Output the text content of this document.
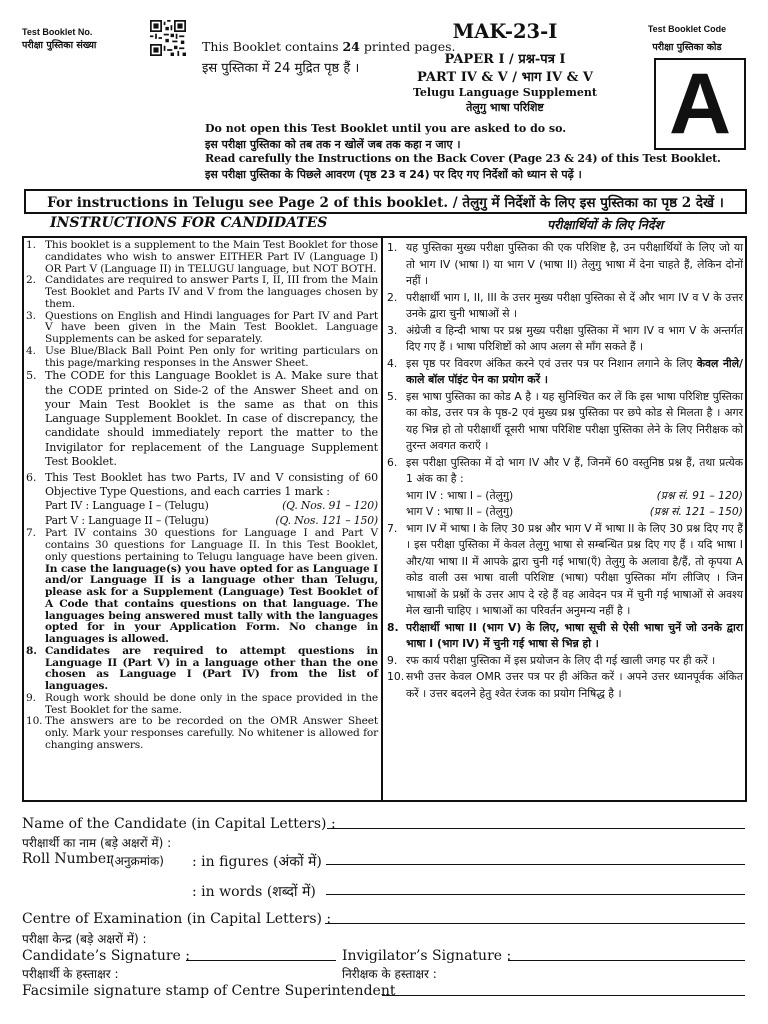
Test Booklet No.
परीक्षा पुस्तिका संख्या	This Booklet contains 24 printed pages.
इस पुस्तिका में 24 मुद्रित पृष्ठ हैं ।
MAK-23-I
PAPER I / प्रश्न-पत्र I
PART IV & V / भाग IV & V
Telugu Language Supplement
तेलुगु भाषा परिशिष्ट
Test Booklet Code
परीक्षा पुस्तिका कोड
A
Do not open this Test Booklet until you are asked to do so.
इस परीक्षा पुस्तिका को तब तक न खोलें जब तक कहा न जाए ।
Read carefully the Instructions on the Back Cover (Page 23 & 24) of this Test Booklet.
इस परीक्षा पुस्तिका के पिछले आवरण (पृष्ठ 23 व 24) पर दिए गए निर्देशों को ध्यान से पढ़ें ।
For instructions in Telugu see Page 2 of this booklet. / तेलुगु में निर्देशों के लिए इस पुस्तिका का पृष्ठ 2 देखें ।
INSTRUCTIONS FOR CANDIDATES	परीक्षार्थियों के लिए निर्देश
1. This booklet is a supplement to the Main Test Booklet for those candidates who wish to answer EITHER Part IV (Language I) OR Part V (Language II) in TELUGU language, but NOT BOTH.
2. Candidates are required to answer Parts I, II, III from the Main Test Booklet and Parts IV and V from the languages chosen by them.
3. Questions on English and Hindi languages for Part IV and Part V have been given in the Main Test Booklet. Language Supplements can be asked for separately.
4. Use Blue/Black Ball Point Pen only for writing particulars on this page/marking responses in the Answer Sheet.
5. The CODE for this Language Booklet is A. Make sure that the CODE printed on Side-2 of the Answer Sheet and on your Main Test Booklet is the same as that on this Language Supplement Booklet. In case of discrepancy, the candidate should immediately report the matter to the Invigilator for replacement of the Language Supplement Test Booklet.
6. This Test Booklet has two Parts, IV and V consisting of 60 Objective Type Questions, and each carries 1 mark :
Part IV : Language I – (Telugu)	(Q. Nos. 91 – 120)
Part V : Language II – (Telugu)	(Q. Nos. 121 – 150)
7. Part IV contains 30 questions for Language I and Part V contains 30 questions for Language II. In this Test Booklet, only questions pertaining to Telugu language have been given. In case the language(s) you have opted for as Language I and/or Language II is a language other than Telugu, please ask for a Supplement (Language) Test Booklet of A Code that contains questions on that language. The languages being answered must tally with the languages opted for in your Application Form. No change in languages is allowed.
8. Candidates are required to attempt questions in Language II (Part V) in a language other than the one chosen as Language I (Part IV) from the list of languages.
9. Rough work should be done only in the space provided in the Test Booklet for the same.
10. The answers are to be recorded on the OMR Answer Sheet only. Mark your responses carefully. No whitener is allowed for changing answers.
1. यह पुस्तिका मुख्य परीक्षा पुस्तिका की एक परिशिष्ट है, उन परीक्षार्थियों के लिए जो या तो भाग IV (भाषा I) या भाग V (भाषा II) तेलुगु भाषा में देना चाहते हैं, लेकिन दोनों नहीं ।
2. परीक्षार्थी भाग I, II, III के उत्तर मुख्य परीक्षा पुस्तिका से दें और भाग IV व V के उत्तर उनके द्वारा चुनी भाषाओं से ।
3. अंग्रेजी व हिन्दी भाषा पर प्रश्न मुख्य परीक्षा पुस्तिका में भाग IV व भाग V के अन्तर्गत दिए गए हैं । भाषा परिशिष्टों को आप अलग से माँग सकते हैं ।
4. इस पृष्ठ पर विवरण अंकित करने एवं उत्तर पत्र पर निशान लगाने के लिए केवल नीले/काले बॉल पॉइंट पेन का प्रयोग करें ।
5. इस भाषा पुस्तिका का कोड A है । यह सुनिश्चित कर लें कि इस भाषा परिशिष्ट पुस्तिका का कोड, उत्तर पत्र के पृष्ठ-2 एवं मुख्य प्रश्न पुस्तिका पर छपे कोड से मिलता है । अगर यह भिन्न हो तो परीक्षार्थी दूसरी भाषा परिशिष्ट परीक्षा पुस्तिका लेने के लिए निरीक्षक को तुरन्त अवगत कराएँ ।
6. इस परीक्षा पुस्तिका में दो भाग IV और V हैं, जिनमें 60 वस्तुनिष्ठ प्रश्न हैं, तथा प्रत्येक 1 अंक का है :
भाग IV : भाषा I – (तेलुगु)	(प्रश्न सं. 91 – 120)
भाग V : भाषा II – (तेलुगु)	(प्रश्न सं. 121 – 150)
7. भाग IV में भाषा I के लिए 30 प्रश्न और भाग V में भाषा II के लिए 30 प्रश्न दिए गए हैं । इस परीक्षा पुस्तिका में केवल तेलुगु भाषा से सम्बन्धित प्रश्न दिए गए हैं । यदि भाषा I और/या भाषा II में आपके द्वारा चुनी गई भाषा(एँ) तेलुगु के अलावा है/हैं, तो कृपया A कोड वाली उस भाषा वाली परिशिष्ट (भाषा) परीक्षा पुस्तिका माँग लीजिए । जिन भाषाओं के प्रश्नों के उत्तर आप दे रहे हैं वह आवेदन पत्र में चुनी गई भाषाओं से अवश्य मेल खानी चाहिए । भाषाओं का परिवर्तन अनुमन्य नहीं है ।
8. परीक्षार्थी भाषा II (भाग V) के लिए, भाषा सूची से ऐसी भाषा चुनें जो उनके द्वारा भाषा I (भाग IV) में चुनी गई भाषा से भिन्न हो ।
9. रफ कार्य परीक्षा पुस्तिका में इस प्रयोजन के लिए दी गई खाली जगह पर ही करें ।
10. सभी उत्तर केवल OMR उत्तर पत्र पर ही अंकित करें । अपने उत्तर ध्यानपूर्वक अंकित करें । उत्तर बदलने हेतु श्वेत रंजक का प्रयोग निषिद्ध है ।
Name of the Candidate (in Capital Letters) :
परीक्षार्थी का नाम (बड़े अक्षरों में) :
Roll Number
(अनुक्रमांक) : in figures (अंकों में)
: in words (शब्दों में)
Centre of Examination (in Capital Letters) :
परीक्षा केन्द्र (बड़े अक्षरों में) :
Candidate’s Signature :	Invigilator’s Signature :
परीक्षार्थी के हस्ताक्षर :	निरीक्षक के हस्ताक्षर :
Facsimile signature stamp of Centre Superintendent
